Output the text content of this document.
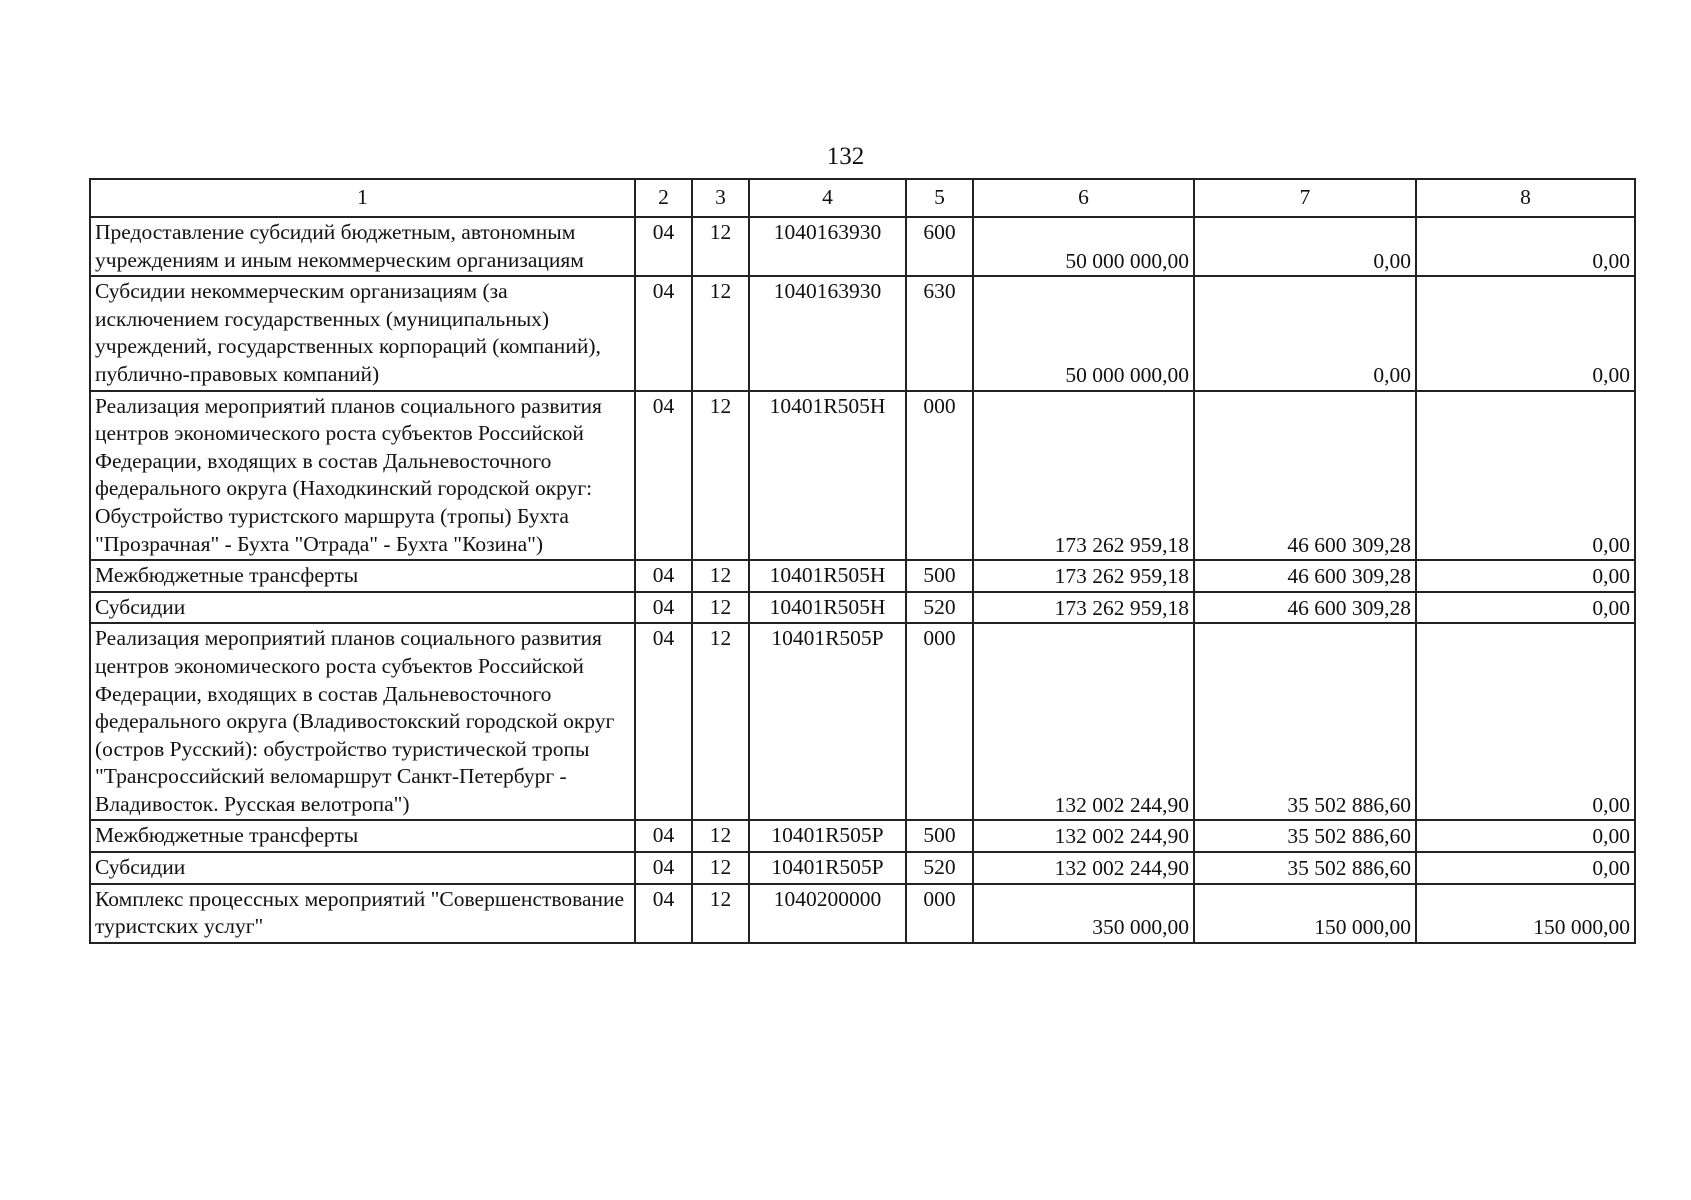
132
1	2	3	4	5	6	7	8
Предоставление субсидий бюджетным, автономным учреждениям и иным некоммерческим организациям	04	12	1040163930	600	50 000 000,00	0,00	0,00
Субсидии некоммерческим организациям (за исключением государственных (муниципальных) учреждений, государственных корпораций (компаний), публично-правовых компаний)	04	12	1040163930	630	50 000 000,00	0,00	0,00
Реализация мероприятий планов социального развития центров экономического роста субъектов Российской Федерации, входящих в состав Дальневосточного федерального округа (Находкинский городской округ: Обустройство туристского маршрута (тропы) Бухта "Прозрачная" - Бухта "Отрада" - Бухта "Козина")	04	12	10401R505H	000	173 262 959,18	46 600 309,28	0,00
Межбюджетные трансферты	04	12	10401R505H	500	173 262 959,18	46 600 309,28	0,00
Субсидии	04	12	10401R505H	520	173 262 959,18	46 600 309,28	0,00
Реализация мероприятий планов социального развития центров экономического роста субъектов Российской Федерации, входящих в состав Дальневосточного федерального округа (Владивостокский городской округ (остров Русский): обустройство туристической тропы "Трансроссийский веломаршрут Санкт-Петербург - Владивосток. Русская велотропа")	04	12	10401R505P	000	132 002 244,90	35 502 886,60	0,00
Межбюджетные трансферты	04	12	10401R505P	500	132 002 244,90	35 502 886,60	0,00
Субсидии	04	12	10401R505P	520	132 002 244,90	35 502 886,60	0,00
Комплекс процессных мероприятий "Совершенствование туристских услуг"	04	12	1040200000	000	350 000,00	150 000,00	150 000,00
